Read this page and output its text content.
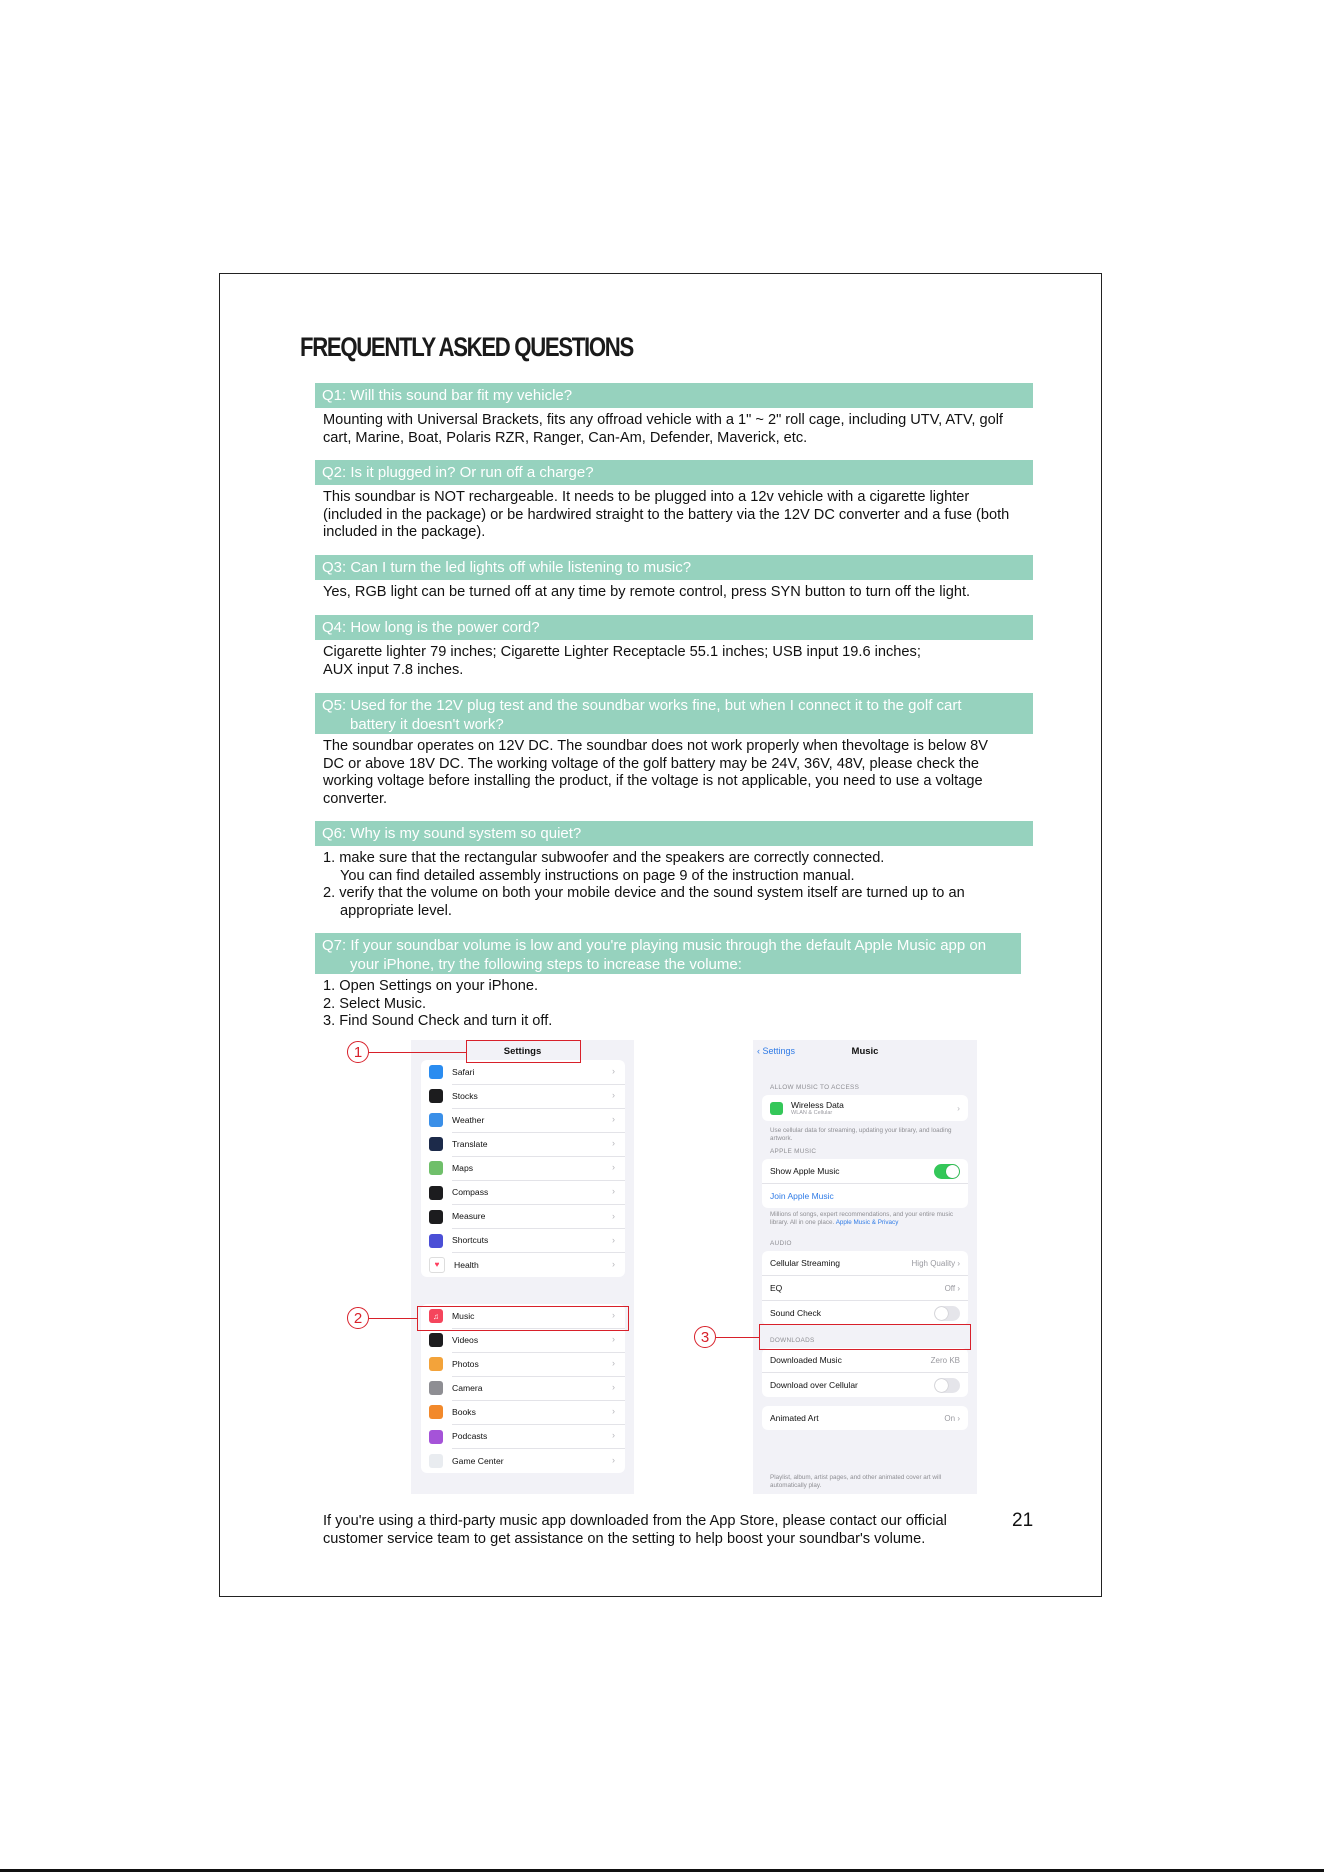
FREQUENTLY ASKED QUESTIONS
Q1: Will this sound bar fit my vehicle?

Mounting with Universal Brackets, fits any offroad vehicle with a 1" ~ 2" roll cage, including UTV, ATV, golf cart, Marine, Boat, Polaris RZR, Ranger, Can-Am, Defender, Maverick, etc.

Q2: Is it plugged in? Or run off a charge?

This soundbar is NOT rechargeable. It needs to be plugged into a 12v vehicle with a cigarette lighter (included in the package) or be hardwired straight to the battery via the 12V DC converter and a fuse (both included in the package).

Q3: Can I turn the led lights off while listening to music?

Yes, RGB light can be turned off at any time by remote control, press SYN button to turn off the light.

Q4: How long is the power cord?

Cigarette lighter 79 inches; Cigarette Lighter Receptacle 55.1 inches; USB input 19.6 inches;

AUX input 7.8 inches.

Q5: Used for the 12V plug test and the soundbar works fine, but when I connect it to the golf cart
battery it doesn't work?

The soundbar operates on 12V DC. The soundbar does not work properly when thevoltage is below 8V DC or above 18V DC. The working voltage of the golf battery may be 24V, 36V, 48V, please check the working voltage before installing the product, if the voltage is not applicable, you need to use a voltage converter.

Q6: Why is my sound system so quiet?
1. make sure that the rectangular subwoofer and the speakers are correctly connected.
You can find detailed assembly instructions on page 9 of the instruction manual.
2. verify that the volume on both your mobile device and the sound system itself are turned up to an appropriate level.
Q7: If your soundbar volume is low and you're playing music through the default Apple Music app on
your iPhone, try the following steps to increase the volume:

1. Open Settings on your iPhone.

2. Select Music.

3. Find Sound Check and turn it off.

Settings
Safari	›
Stocks	›
Weather	›
Translate	›
Maps	›
Compass	›
Measure	›
Shortcuts	›
♥	Health	›
♫	Music	›
Videos	›
Photos	›
Camera	›
Books	›
Podcasts	›
Game Center	›
‹ Settings	Music
ALLOW MUSIC TO ACCESS
Wireless Data
WLAN & Cellular	›
Use cellular data for streaming, updating your library, and loading artwork.
APPLE MUSIC
Show Apple Music
Join Apple Music
Millions of songs, expert recommendations, and your entire music library. All in one place. Apple Music & Privacy
AUDIO
Cellular Streaming	High Quality ›
EQ	Off ›
Sound Check
DOWNLOADS
Downloaded Music	Zero KB
Download over Cellular
Animated Art	On ›
Playlist, album, artist pages, and other animated cover art will automatically play.
1
2
3
If you're using a third-party music app downloaded from the App Store, please contact our official customer service team to get assistance on the setting to help boost your soundbar's volume.
21
